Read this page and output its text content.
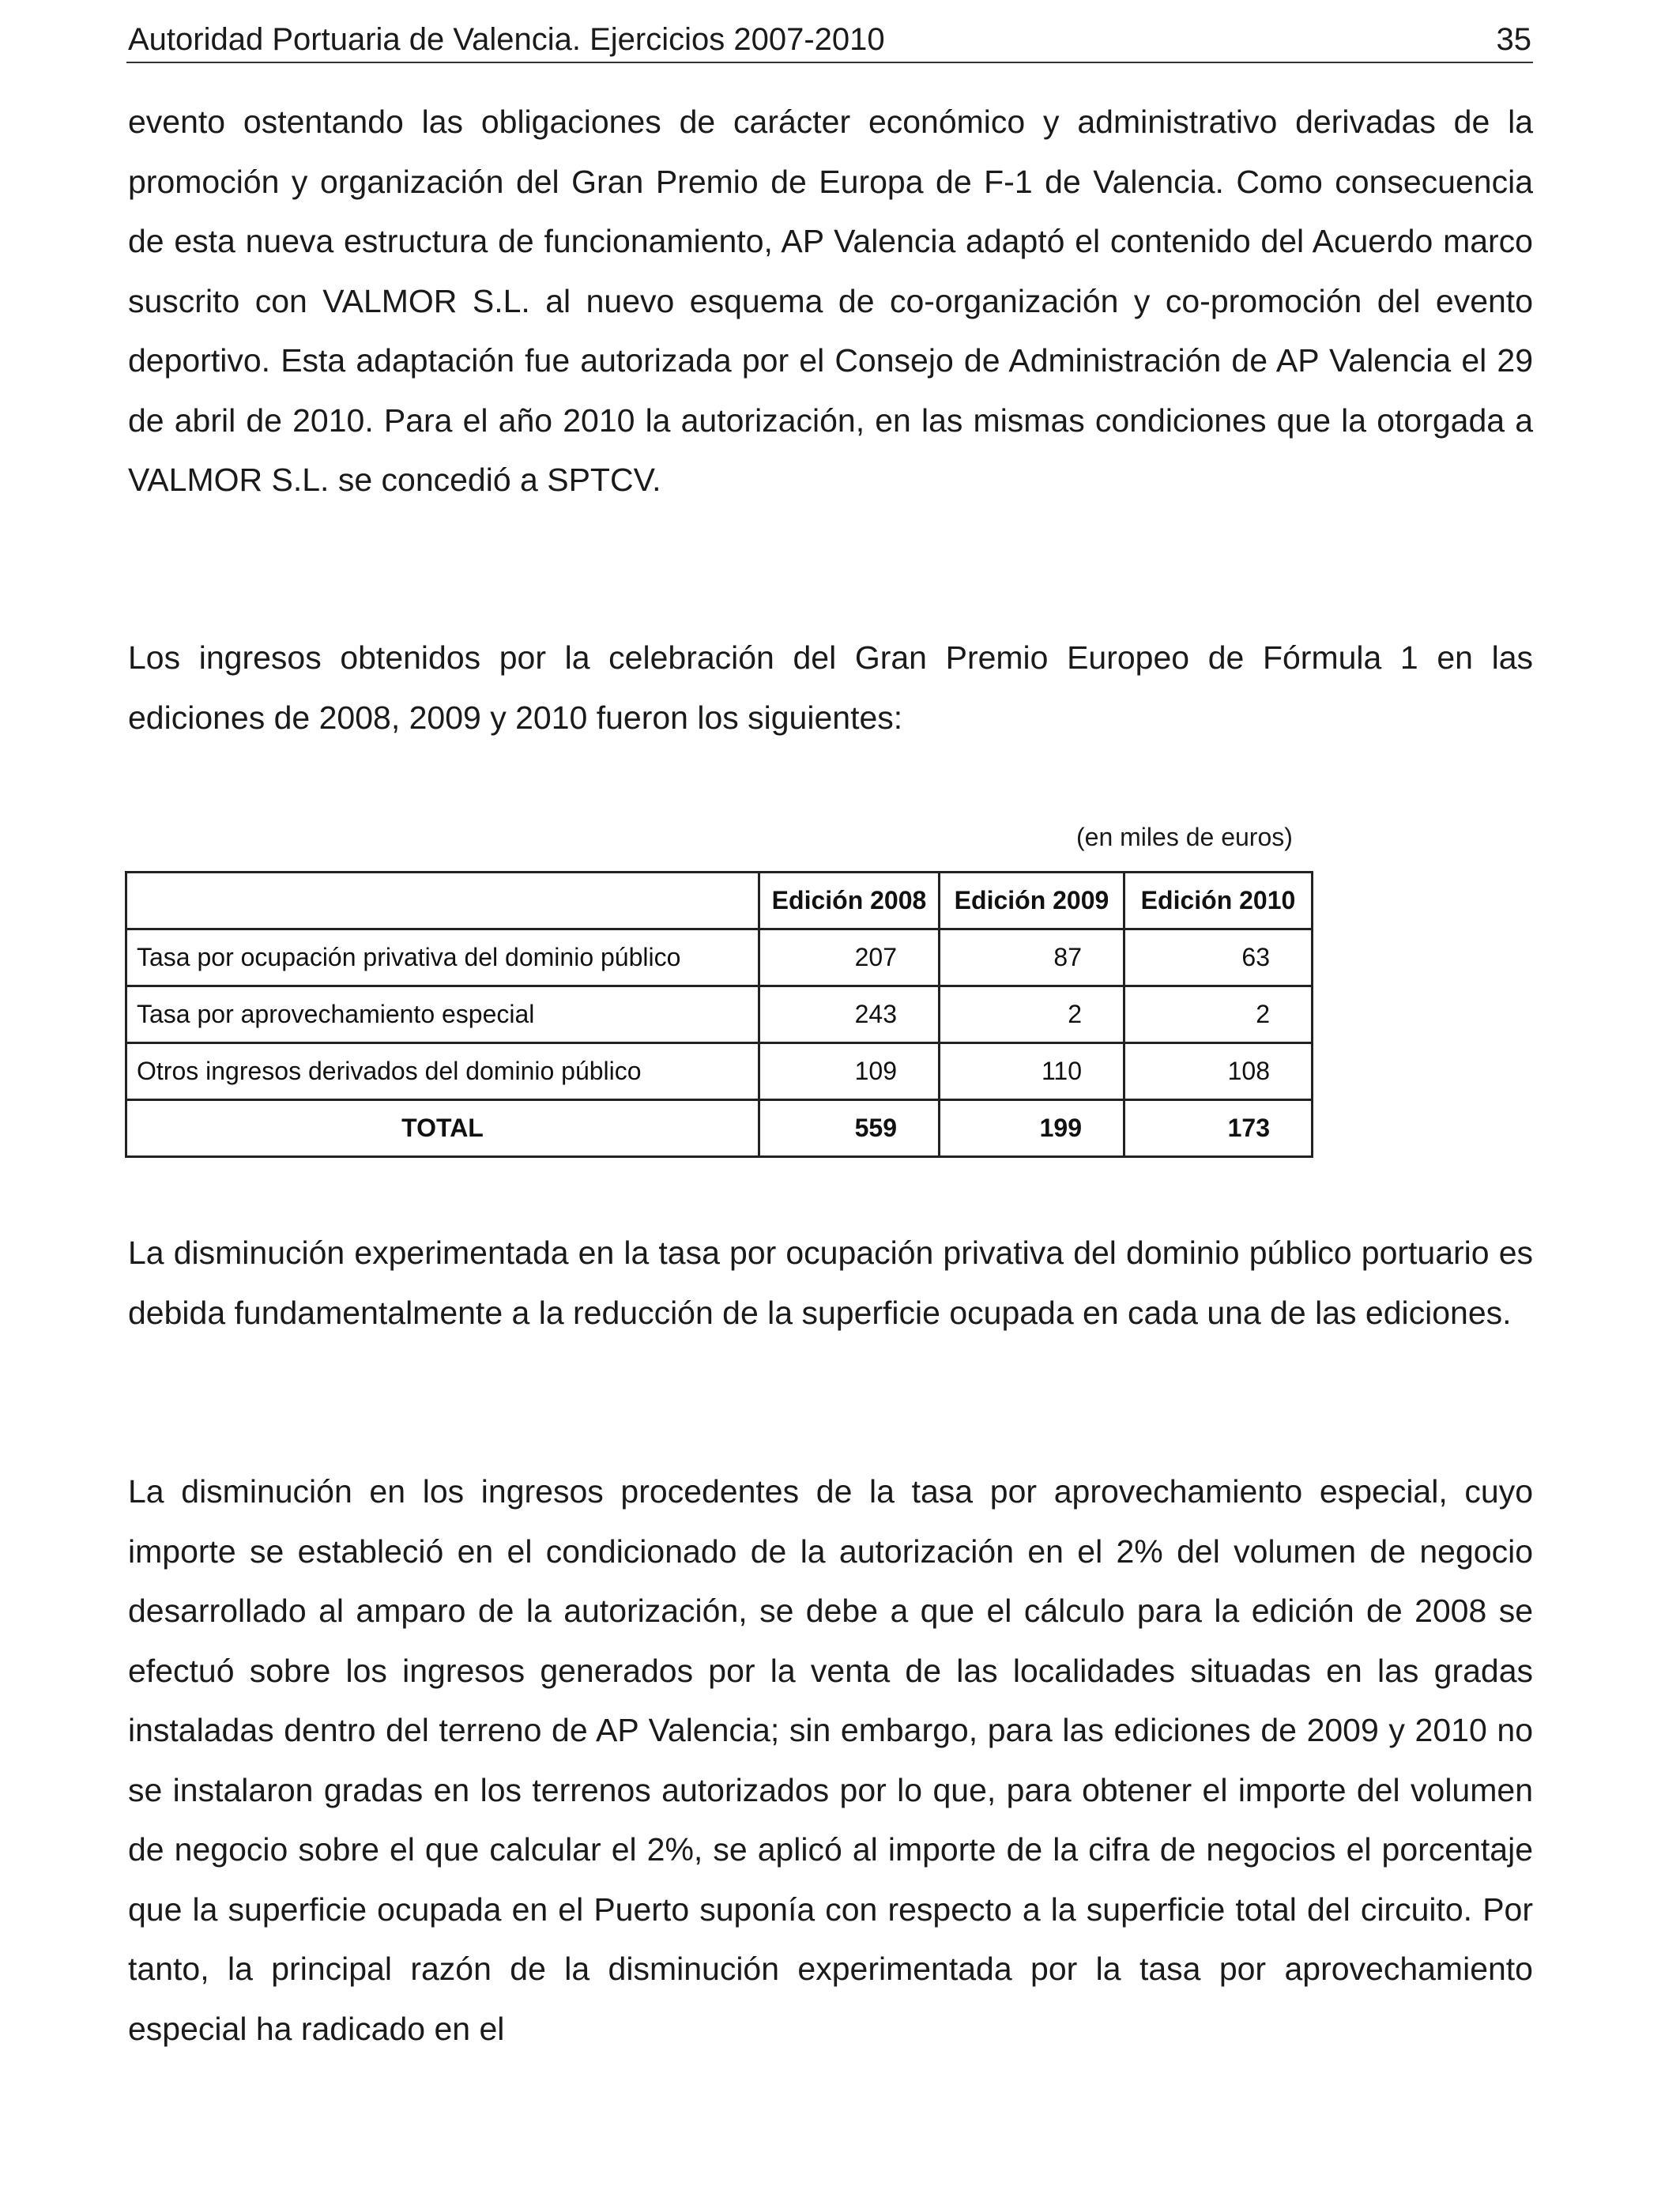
Autoridad Portuaria de Valencia. Ejercicios 2007-2010	35

evento ostentando las obligaciones de carácter económico y administrativo derivadas de la promoción y organización del Gran Premio de Europa de F-1 de Valencia. Como consecuencia de esta nueva estructura de funcionamiento, AP Valencia adaptó el contenido del Acuerdo marco suscrito con VALMOR S.L. al nuevo esquema de co-organización y co-promoción del evento deportivo. Esta adaptación fue autorizada por el Consejo de Administración de AP Valencia el 29 de abril de 2010. Para el año 2010 la autorización, en las mismas condiciones que la otorgada a VALMOR S.L. se concedió a SPTCV.

Los ingresos obtenidos por la celebración del Gran Premio Europeo de Fórmula 1 en las ediciones de 2008, 2009 y 2010 fueron los siguientes:

(en miles de euros)
	Edición 2008	Edición 2009	Edición 2010
Tasa por ocupación privativa del dominio público	207	87	63
Tasa por aprovechamiento especial	243	2	2
Otros ingresos derivados del dominio público	109	110	108
TOTAL	559	199	173

La disminución experimentada en la tasa por ocupación privativa del dominio público portuario es debida fundamentalmente a la reducción de la superficie ocupada en cada una de las ediciones.

La disminución en los ingresos procedentes de la tasa por aprovechamiento especial, cuyo importe se estableció en el condicionado de la autorización en el 2% del volumen de negocio desarrollado al amparo de la autorización, se debe a que el cálculo para la edición de 2008 se efectuó sobre los ingresos generados por la venta de las localidades situadas en las gradas instaladas dentro del terreno de AP Valencia; sin embargo, para las ediciones de 2009 y 2010 no se instalaron gradas en los terrenos autorizados por lo que, para obtener el importe del volumen de negocio sobre el que calcular el 2%, se aplicó al importe de la cifra de negocios el porcentaje que la superficie ocupada en el Puerto suponía con respecto a la superficie total del circuito. Por tanto, la principal razón de la disminución experimentada por la tasa por aprovechamiento especial ha radicado en el
